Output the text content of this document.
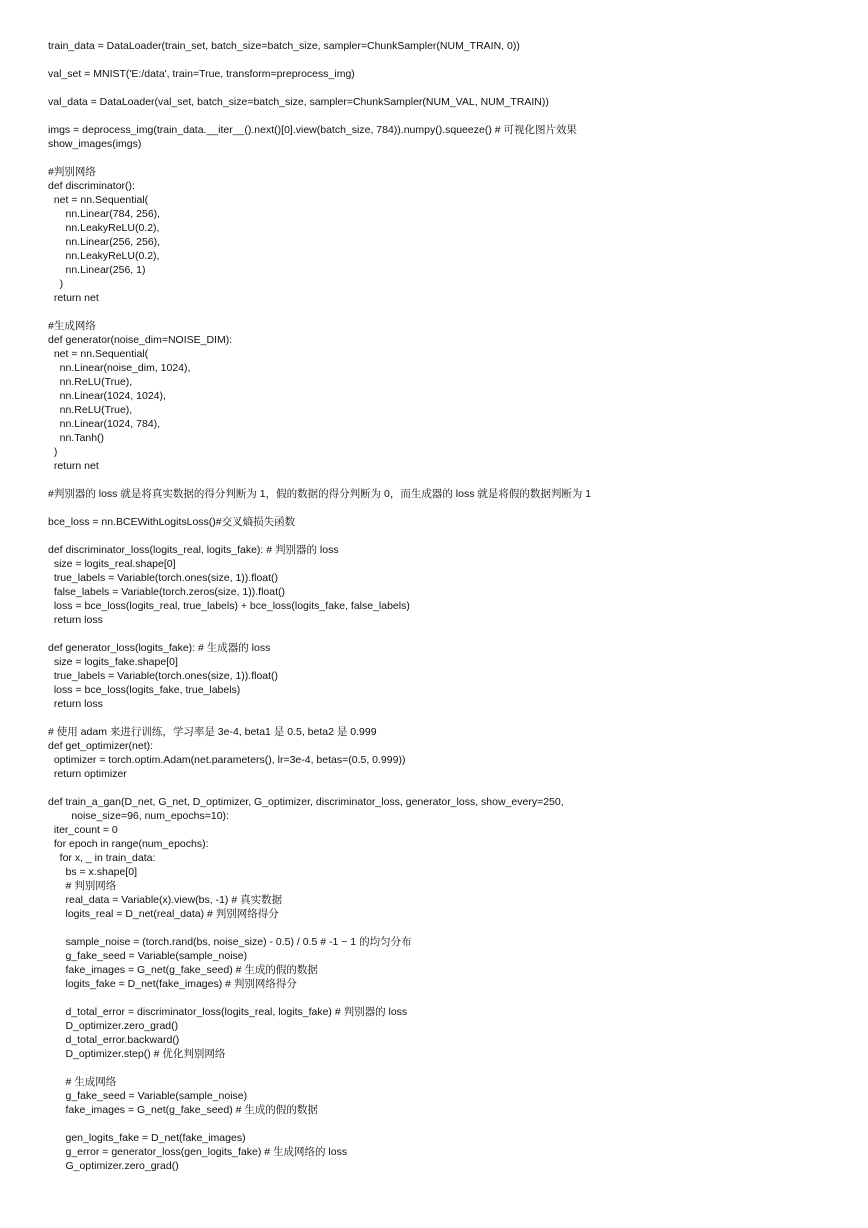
train_data = DataLoader(train_set, batch_size=batch_size, sampler=ChunkSampler(NUM_TRAIN, 0))
val_set = MNIST('E:/data', train=True, transform=preprocess_img)
val_data = DataLoader(val_set, batch_size=batch_size, sampler=ChunkSampler(NUM_VAL, NUM_TRAIN))
imgs = deprocess_img(train_data.__iter__().next()[0].view(batch_size, 784)).numpy().squeeze() # 可视化图片效果
show_images(imgs)
#判别网络
def discriminator():
net = nn.Sequential(
nn.Linear(784, 256),
nn.LeakyReLU(0.2),
nn.Linear(256, 256),
nn.LeakyReLU(0.2),
nn.Linear(256, 1)
)
return net
#生成网络
def generator(noise_dim=NOISE_DIM):
net = nn.Sequential(
nn.Linear(noise_dim, 1024),
nn.ReLU(True),
nn.Linear(1024, 1024),
nn.ReLU(True),
nn.Linear(1024, 784),
nn.Tanh()
)
return net
#判别器的 loss 就是将真实数据的得分判断为 1，假的数据的得分判断为 0，而生成器的 loss 就是将假的数据判断为 1
bce_loss = nn.BCEWithLogitsLoss()#交叉熵损失函数
def discriminator_loss(logits_real, logits_fake): # 判别器的 loss
size = logits_real.shape[0]
true_labels = Variable(torch.ones(size, 1)).float()
false_labels = Variable(torch.zeros(size, 1)).float()
loss = bce_loss(logits_real, true_labels) + bce_loss(logits_fake, false_labels)
return loss
def generator_loss(logits_fake): # 生成器的 loss
size = logits_fake.shape[0]
true_labels = Variable(torch.ones(size, 1)).float()
loss = bce_loss(logits_fake, true_labels)
return loss
# 使用 adam 来进行训练，学习率是 3e-4, beta1 是 0.5, beta2 是 0.999
def get_optimizer(net):
optimizer = torch.optim.Adam(net.parameters(), lr=3e-4, betas=(0.5, 0.999))
return optimizer
def train_a_gan(D_net, G_net, D_optimizer, G_optimizer, discriminator_loss, generator_loss, show_every=250,
noise_size=96, num_epochs=10):
iter_count = 0
for epoch in range(num_epochs):
for x, _ in train_data:
bs = x.shape[0]
# 判别网络
real_data = Variable(x).view(bs, -1) # 真实数据
logits_real = D_net(real_data) # 判别网络得分
sample_noise = (torch.rand(bs, noise_size) - 0.5) / 0.5 # -1 ~ 1 的均匀分布
g_fake_seed = Variable(sample_noise)
fake_images = G_net(g_fake_seed) # 生成的假的数据
logits_fake = D_net(fake_images) # 判别网络得分
d_total_error = discriminator_loss(logits_real, logits_fake) # 判别器的 loss
D_optimizer.zero_grad()
d_total_error.backward()
D_optimizer.step() # 优化判别网络
# 生成网络
g_fake_seed = Variable(sample_noise)
fake_images = G_net(g_fake_seed) # 生成的假的数据
gen_logits_fake = D_net(fake_images)
g_error = generator_loss(gen_logits_fake) # 生成网络的 loss
G_optimizer.zero_grad()
